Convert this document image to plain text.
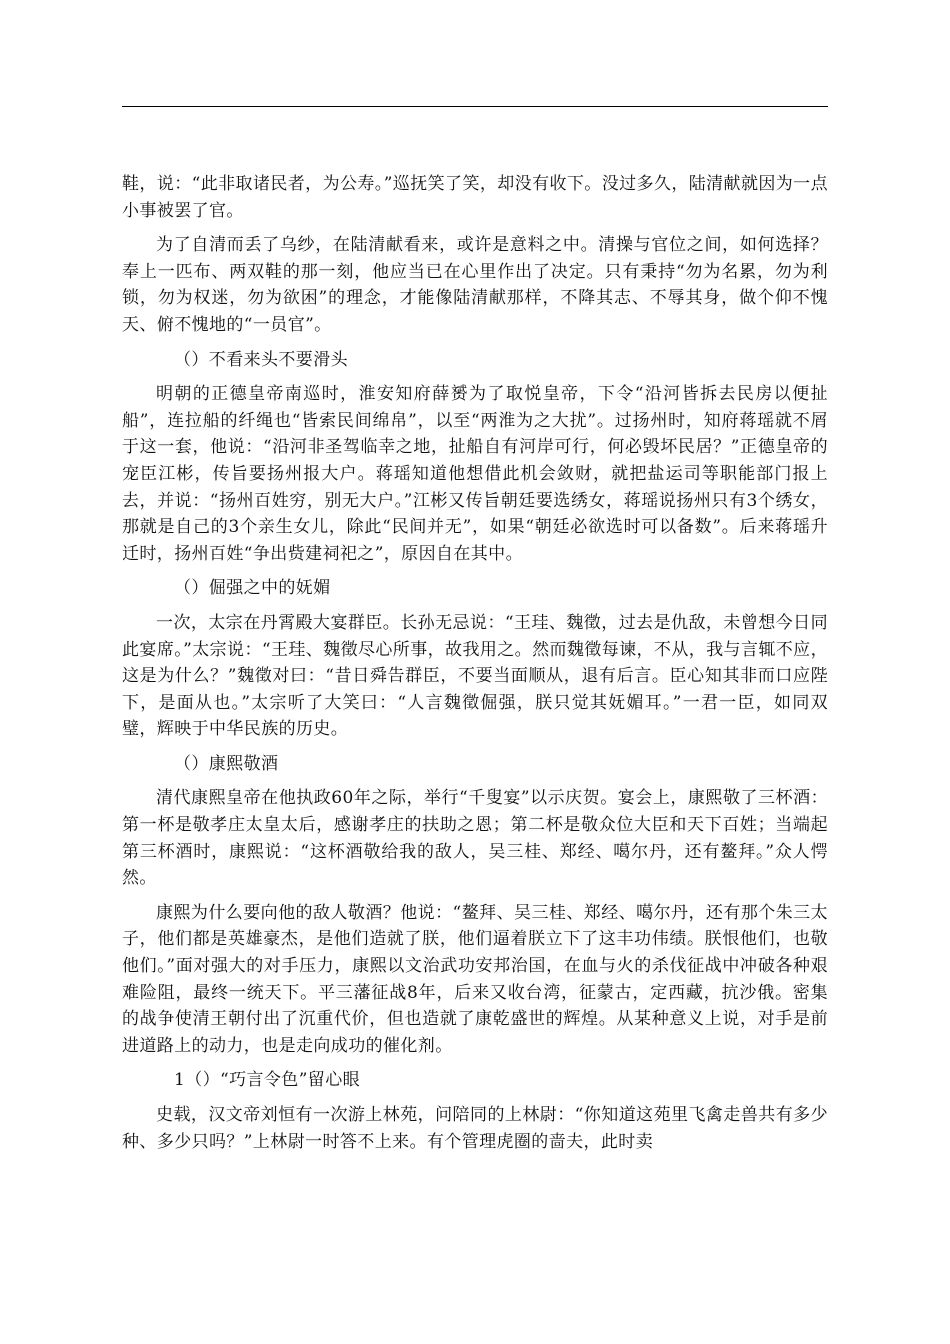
鞋，说：“此非取诸民者，为公寿。”巡抚笑了笑，却没有收下。没过多久，陆清献就因为一点小事被罢了官。

为了自清而丢了乌纱，在陆清献看来，或许是意料之中。清操与官位之间，如何选择？奉上一匹布、两双鞋的那一刻，他应当已在心里作出了决定。只有秉持“勿为名累，勿为利锁，勿为权迷，勿为欲困”的理念，才能像陆清献那样，不降其志、不辱其身，做个仰不愧天、俯不愧地的“一员官”。

（）不看来头不要滑头

明朝的正德皇帝南巡时，淮安知府薛赟为了取悦皇帝，下令“沿河皆拆去民房以便扯船”，连拉船的纤绳也“皆索民间绵帛”，以至“两淮为之大扰”。过扬州时，知府蒋瑶就不屑于这一套，他说：“沿河非圣驾临幸之地，扯船自有河岸可行，何必毁坏民居？”正德皇帝的宠臣江彬，传旨要扬州报大户。蒋瑶知道他想借此机会敛财，就把盐运司等职能部门报上去，并说：“扬州百姓穷，别无大户。”江彬又传旨朝廷要选绣女，蒋瑶说扬州只有3个绣女，那就是自己的3个亲生女儿，除此“民间并无”，如果“朝廷必欲选时可以备数”。后来蒋瑶升迁时，扬州百姓“争出赀建祠祀之”，原因自在其中。

（）倔强之中的妩媚

一次，太宗在丹霄殿大宴群臣。长孙无忌说：“王珪、魏徵，过去是仇敌，未曾想今日同此宴席。”太宗说：“王珪、魏徵尽心所事，故我用之。然而魏徵每谏，不从，我与言辄不应，这是为什么？”魏徵对曰：“昔日舜告群臣，不要当面顺从，退有后言。臣心知其非而口应陛下，是面从也。”太宗听了大笑曰：“人言魏徵倔强，朕只觉其妩媚耳。”一君一臣，如同双璧，辉映于中华民族的历史。

（）康熙敬酒

清代康熙皇帝在他执政60年之际，举行“千叟宴”以示庆贺。宴会上，康熙敬了三杯酒：第一杯是敬孝庄太皇太后，感谢孝庄的扶助之恩；第二杯是敬众位大臣和天下百姓；当端起第三杯酒时，康熙说：“这杯酒敬给我的敌人，吴三桂、郑经、噶尔丹，还有鳌拜。”众人愕然。

康熙为什么要向他的敌人敬酒？他说：“鳌拜、吴三桂、郑经、噶尔丹，还有那个朱三太子，他们都是英雄豪杰，是他们造就了朕，他们逼着朕立下了这丰功伟绩。朕恨他们，也敬他们。”面对强大的对手压力，康熙以文治武功安邦治国，在血与火的杀伐征战中冲破各种艰难险阻，最终一统天下。平三藩征战8年，后来又收台湾，征蒙古，定西藏，抗沙俄。密集的战争使清王朝付出了沉重代价，但也造就了康乾盛世的辉煌。从某种意义上说，对手是前进道路上的动力，也是走向成功的催化剂。

1（）“巧言令色”留心眼

史载，汉文帝刘恒有一次游上林苑，问陪同的上林尉：“你知道这苑里飞禽走兽共有多少种、多少只吗？”上林尉一时答不上来。有个管理虎圈的啬夫，此时卖
